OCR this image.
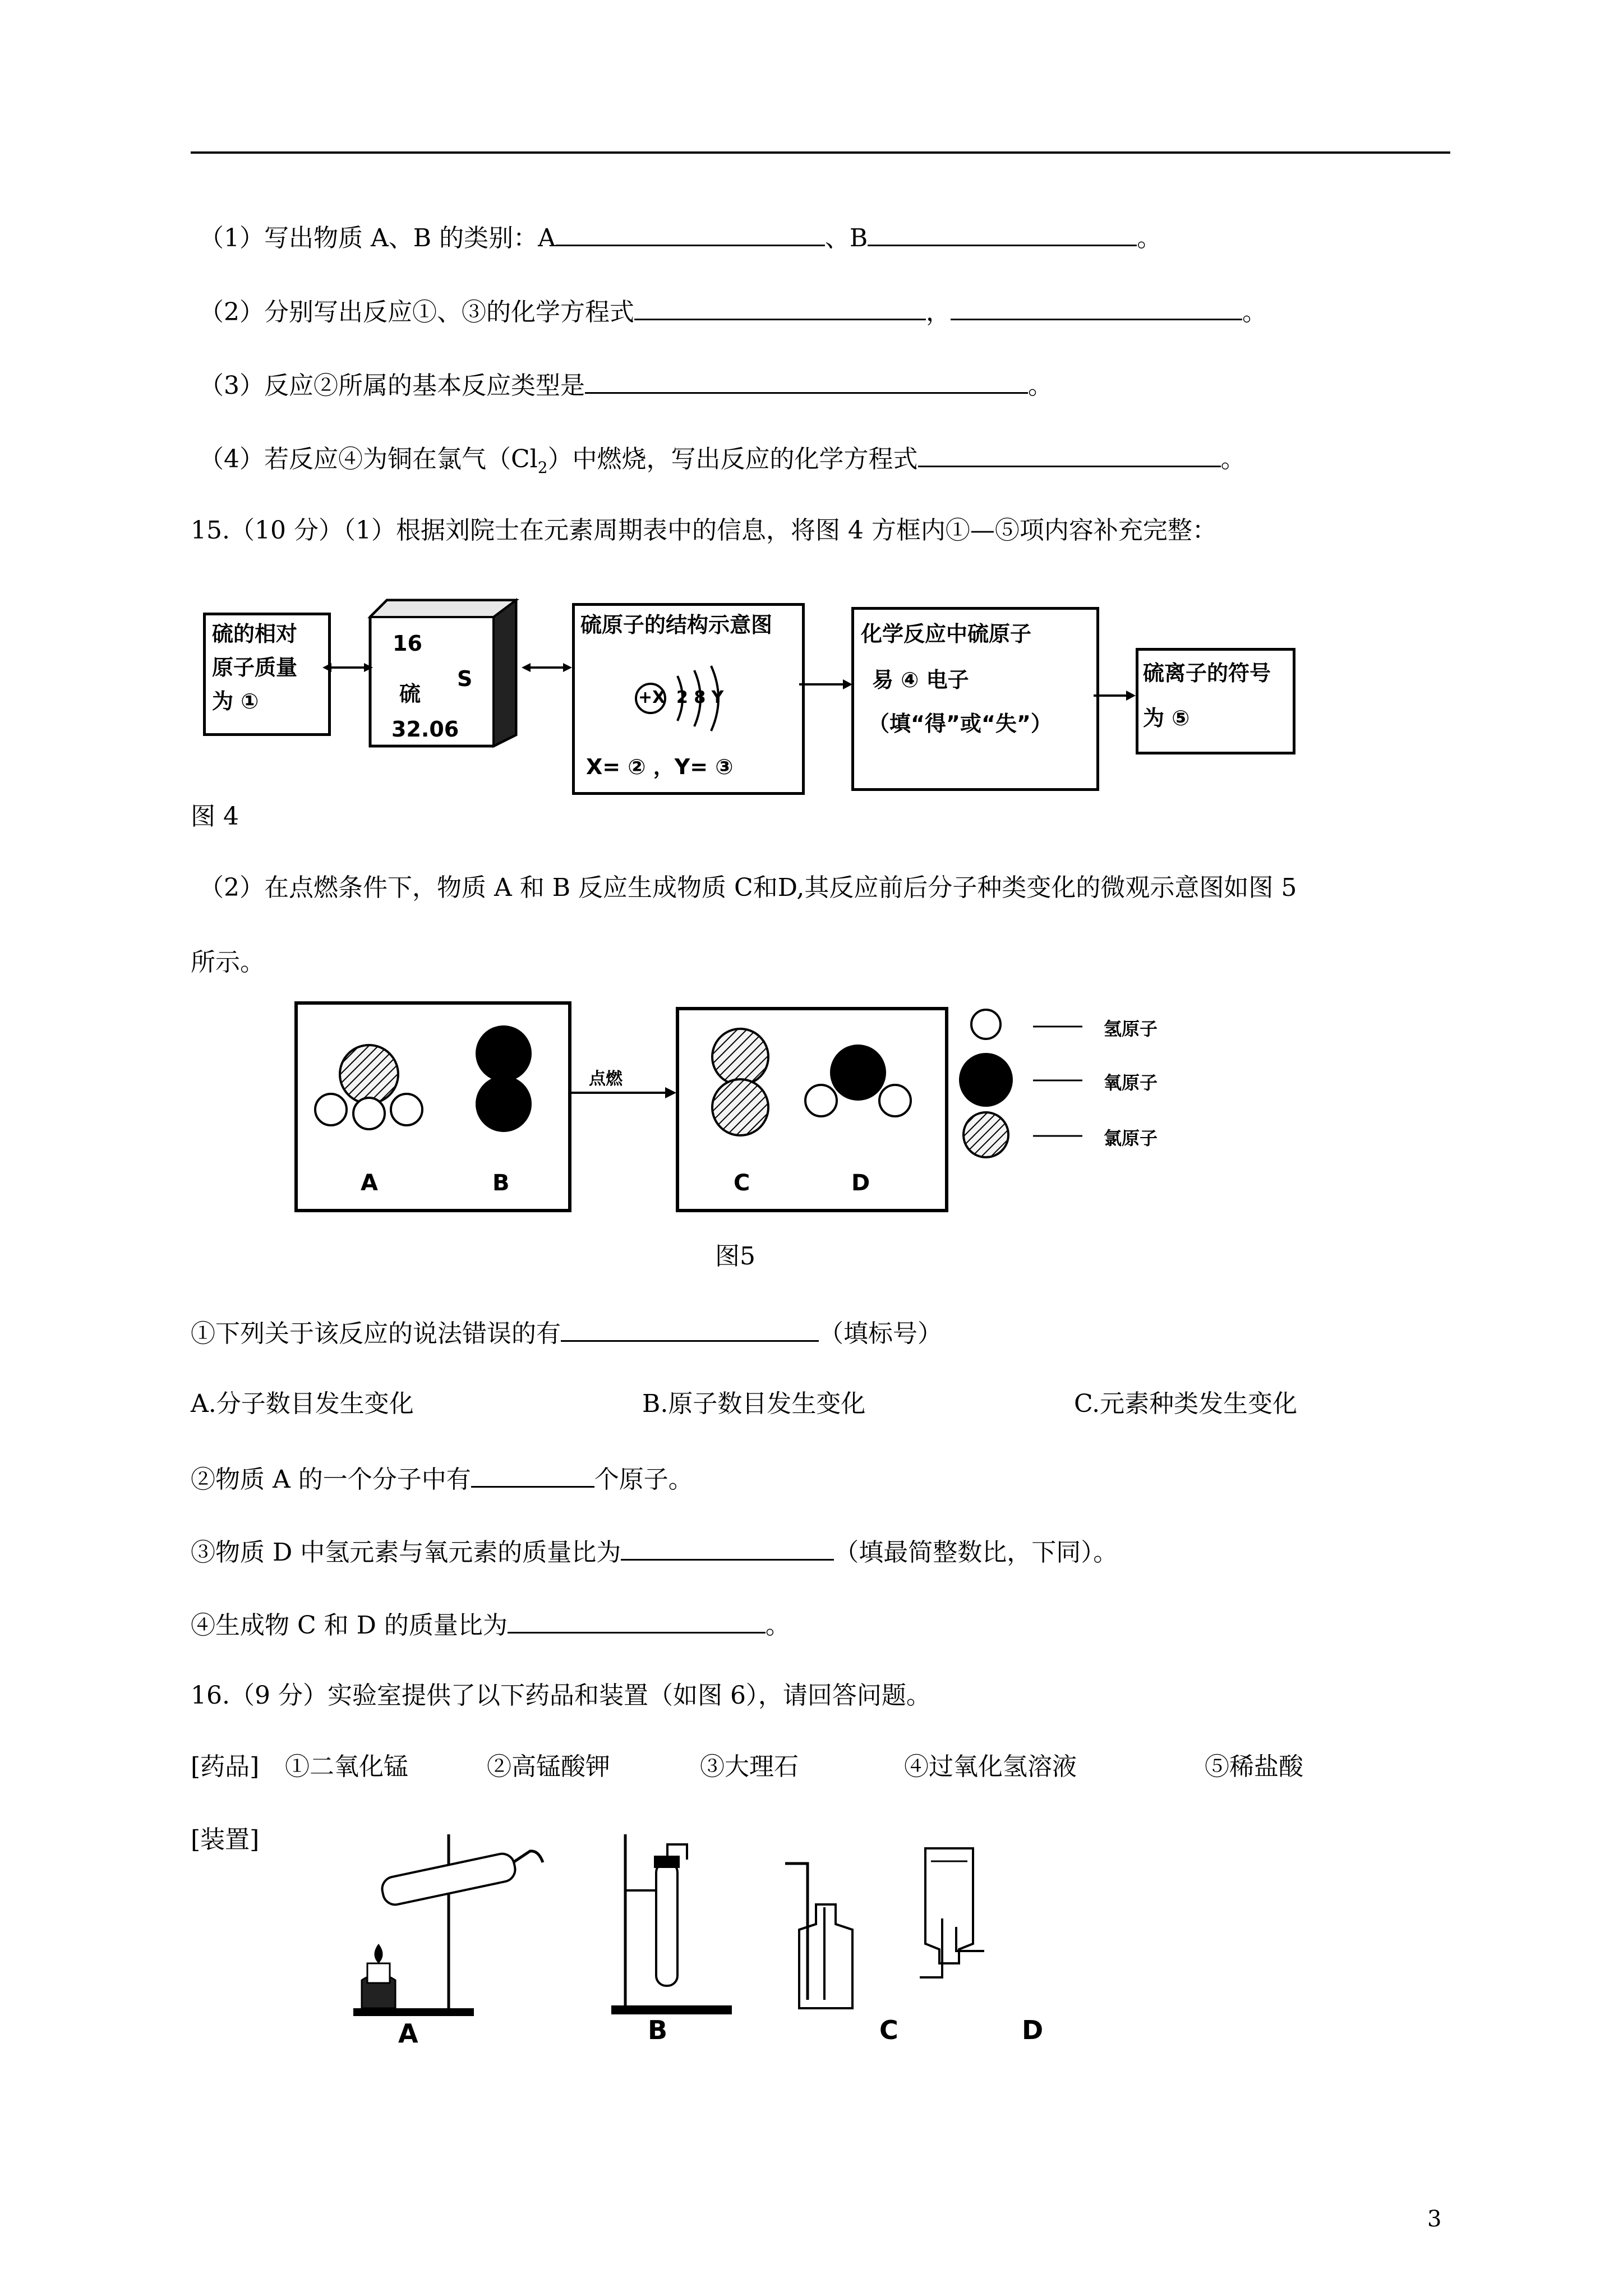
（1）写出物质 A、B 的类别：A	、B	。
（2）分别写出反应①、③的化学方程式	，	。
（3）反应②所属的基本反应类型是	。
（4）若反应④为铜在氯气$(Cl_2)$中燃烧，写出反应的化学方程式	。
15.（10 分）（1）根据刘院士在元素周期表中的信息，将图 4 方框内①—⑤项内容补充完整：
硫的相对
原子质量
为 ①
16
S
硫
32.06
硫原子的结构示意图
+X 2 8 Y
X= ② ，Y= ③
化学反应中硫原子
易 ④ 电子
（填“得”或“失”）
硫离子的符号
为 ⑤
图 4
（2）在点燃条件下，物质 A 和 B 反应生成物质 C和D,其反应前后分子种类变化的微观示意图如图 5
所示。
点燃
A	B	C	D
氢原子
氧原子
氯原子
图5
①下列关于该反应的说法错误的有	（填标号）
A.分子数目发生变化	B.原子数目发生变化	C.元素种类发生变化
②物质 A 的一个分子中有	个原子。
③物质 D 中氢元素与氧元素的质量比为	（填最简整数比，下同）。
④生成物 C 和 D 的质量比为	。
16.（9 分）实验室提供了以下药品和装置（如图 6），请回答问题。
[药品] ①二氧化锰	②高锰酸钾	③大理石	④过氧化氢溶液	⑤稀盐酸
[装置]
A	B	C	D
3
